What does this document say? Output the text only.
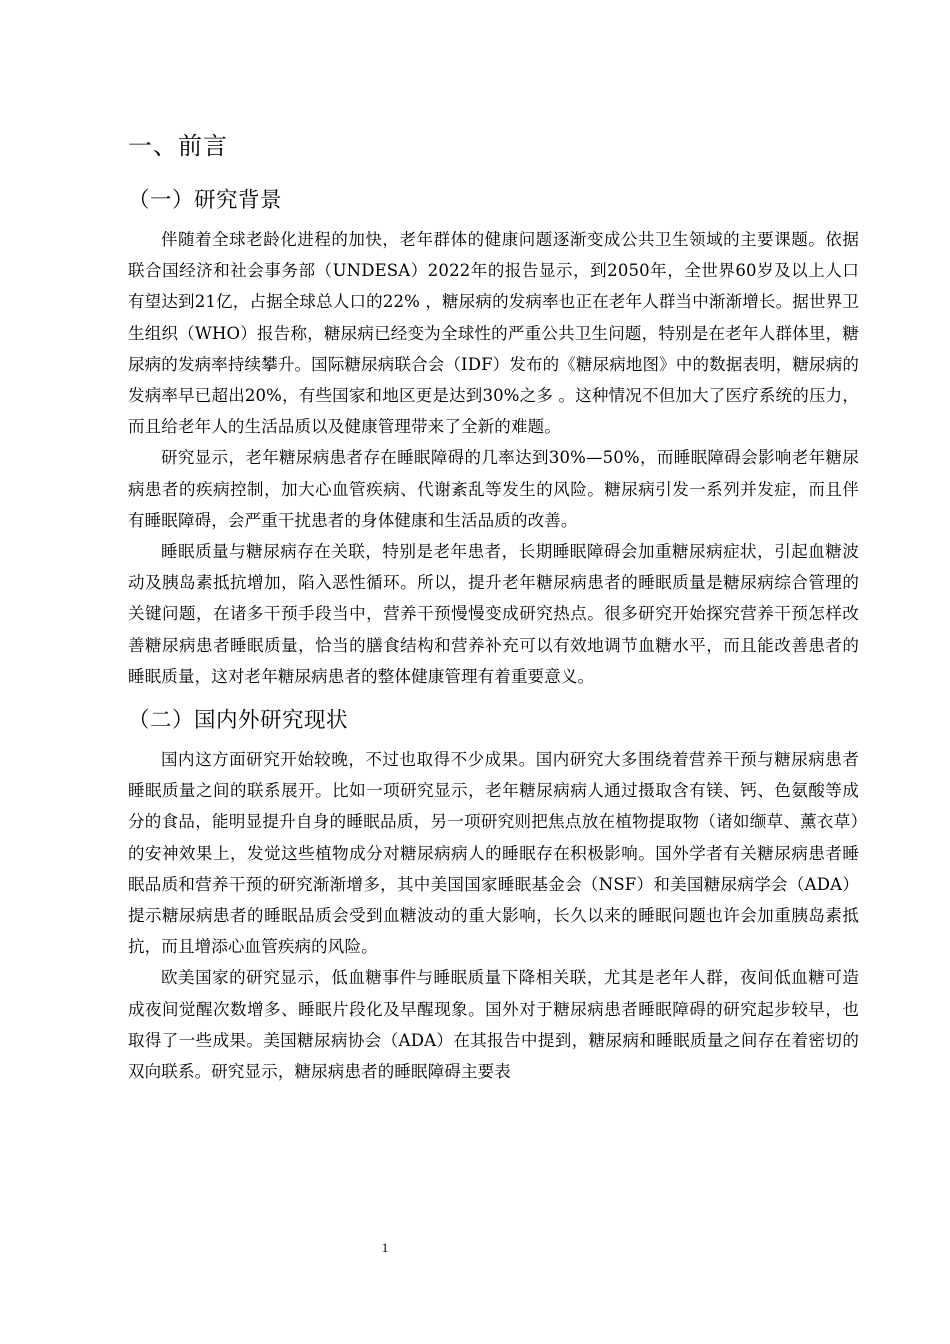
一、前言
（一）研究背景

伴随着全球老龄化进程的加快，老年群体的健康问题逐渐变成公共卫生领域的主要课题。依据联合国经济和社会事务部（UNDESA）2022年的报告显示，到2050年，全世界60岁及以上人口有望达到21亿，占据全球总人口的22% ，糖尿病的发病率也正在老年人群当中渐渐增长。据世界卫生组织（WHO）报告称，糖尿病已经变为全球性的严重公共卫生问题，特别是在老年人群体里，糖尿病的发病率持续攀升。国际糖尿病联合会（IDF）发布的《糖尿病地图》中的数据表明，糖尿病的发病率早已超出20%，有些国家和地区更是达到30%之多 。这种情况不但加大了医疗系统的压力，而且给老年人的生活品质以及健康管理带来了全新的难题。

研究显示，老年糖尿病患者存在睡眠障碍的几率达到30%—50%，而睡眠障碍会影响老年糖尿病患者的疾病控制，加大心血管疾病、代谢紊乱等发生的风险。糖尿病引发一系列并发症，而且伴有睡眠障碍，会严重干扰患者的身体健康和生活品质的改善。

睡眠质量与糖尿病存在关联，特别是老年患者，长期睡眠障碍会加重糖尿病症状，引起血糖波动及胰岛素抵抗增加，陷入恶性循环。所以，提升老年糖尿病患者的睡眠质量是糖尿病综合管理的关键问题，在诸多干预手段当中，营养干预慢慢变成研究热点。很多研究开始探究营养干预怎样改善糖尿病患者睡眠质量，恰当的膳食结构和营养补充可以有效地调节血糖水平，而且能改善患者的睡眠质量，这对老年糖尿病患者的整体健康管理有着重要意义。

（二）国内外研究现状

国内这方面研究开始较晚，不过也取得不少成果。国内研究大多围绕着营养干预与糖尿病患者睡眠质量之间的联系展开。比如一项研究显示，老年糖尿病病人通过摄取含有镁、钙、色氨酸等成分的食品，能明显提升自身的睡眠品质，另一项研究则把焦点放在植物提取物（诸如缬草、薰衣草）的安神效果上，发觉这些植物成分对糖尿病病人的睡眠存在积极影响。国外学者有关糖尿病患者睡眠品质和营养干预的研究渐渐增多，其中美国国家睡眠基金会（NSF）和美国糖尿病学会（ADA）提示糖尿病患者的睡眠品质会受到血糖波动的重大影响，长久以来的睡眠问题也许会加重胰岛素抵抗，而且增添心血管疾病的风险。

欧美国家的研究显示，低血糖事件与睡眠质量下降相关联，尤其是老年人群，夜间低血糖可造成夜间觉醒次数增多、睡眠片段化及早醒现象。国外对于糖尿病患者睡眠障碍的研究起步较早，也取得了一些成果。美国糖尿病协会（ADA）在其报告中提到，糖尿病和睡眠质量之间存在着密切的双向联系。研究显示，糖尿病患者的睡眠障碍主要表

1
